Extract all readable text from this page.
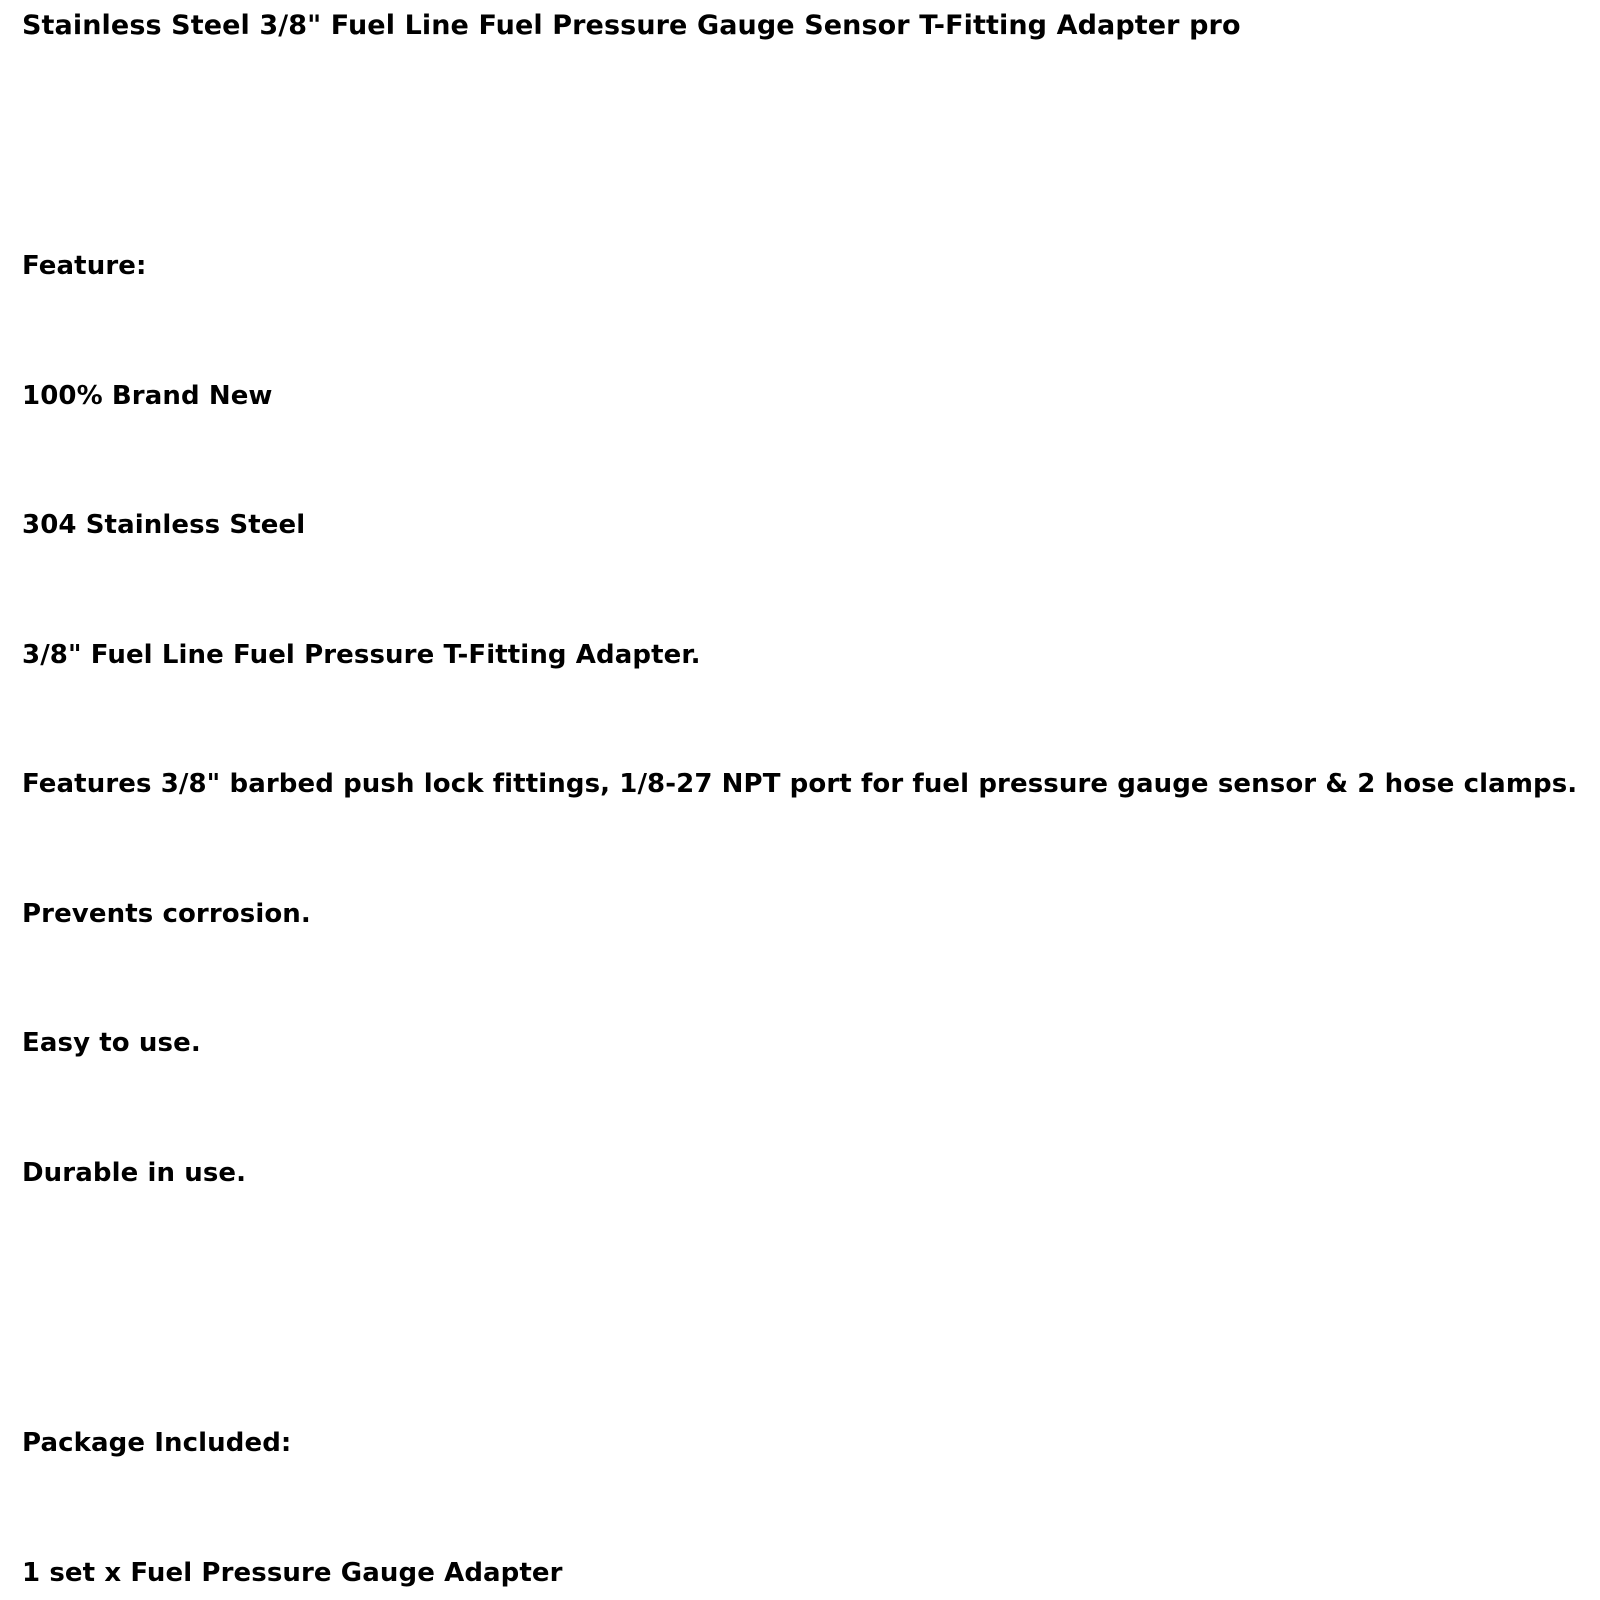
Stainless Steel 3/8" Fuel Line Fuel Pressure Gauge Sensor T-Fitting Adapter pro

Feature:

100% Brand New

304 Stainless Steel

3/8" Fuel Line Fuel Pressure T-Fitting Adapter.

Features 3/8" barbed push lock fittings, 1/8-27 NPT port for fuel pressure gauge sensor & 2 hose clamps.

Prevents corrosion.

Easy to use.

Durable in use.

Package Included:

1 set x Fuel Pressure Gauge Adapter
